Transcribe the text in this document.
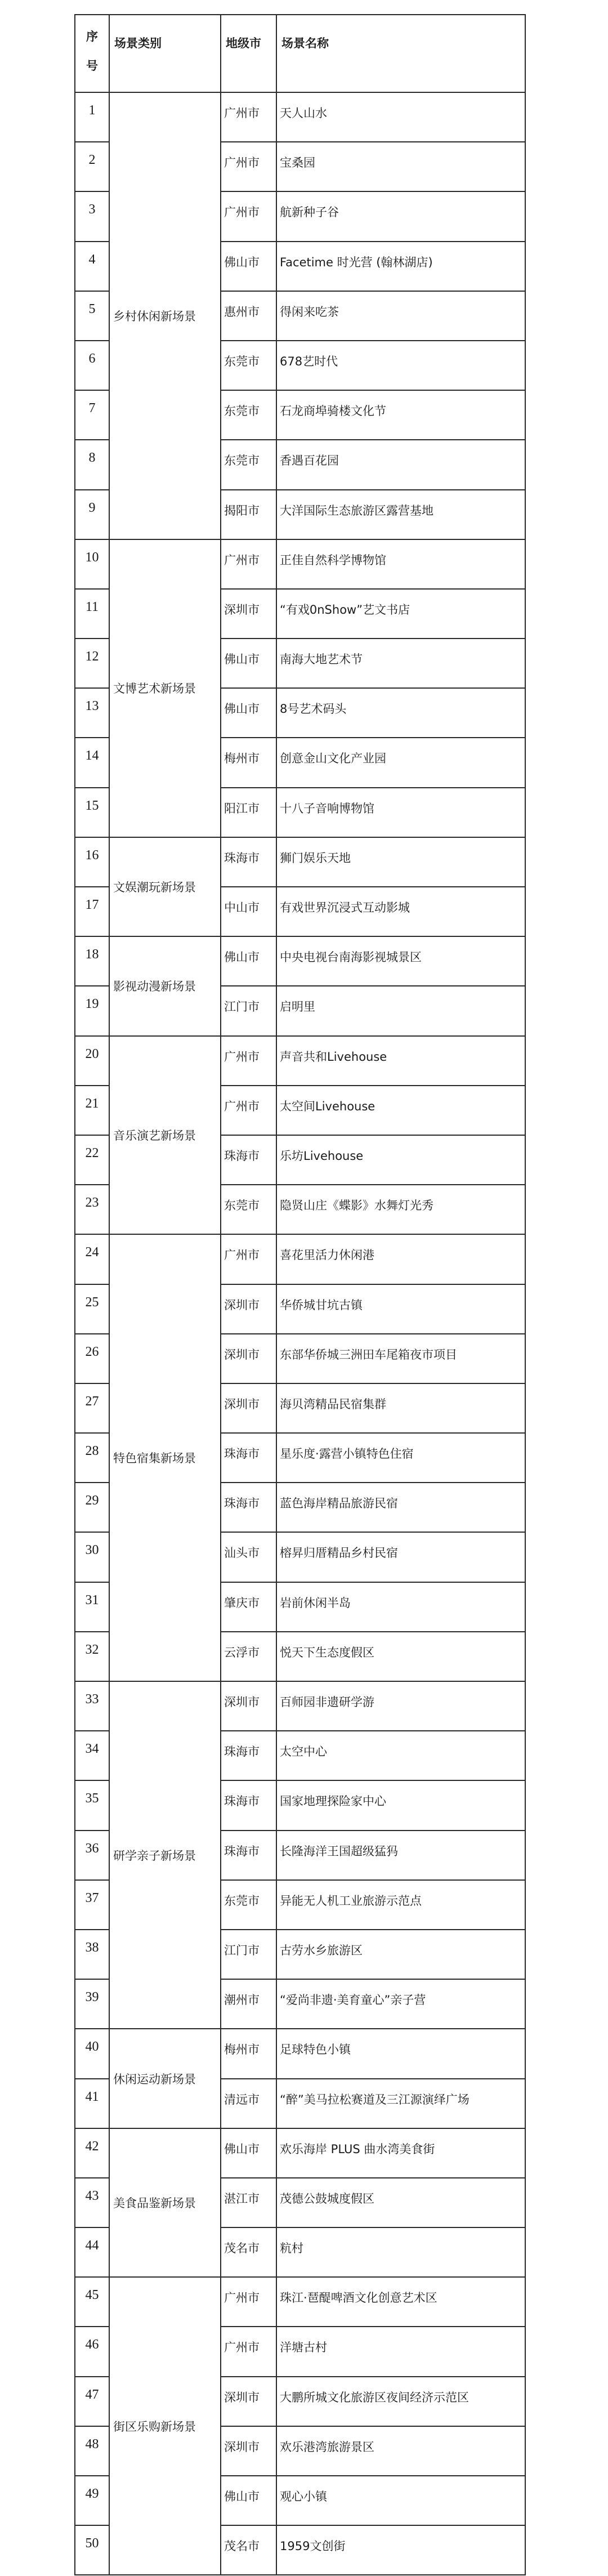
序
号	场景类别	地级市	场景名称
1	乡村休闲新场景	广州市	天人山水
2		广州市	宝桑园
3		广州市	航新种子谷
4		佛山市	Facetime 时光营 (翰林湖店)
5		惠州市	得闲来吃茶
6		东莞市	678艺时代
7		东莞市	石龙商埠骑楼文化节
8		东莞市	香遇百花园
9		揭阳市	大洋国际生态旅游区露营基地
10	文博艺术新场景	广州市	正佳自然科学博物馆
11		深圳市	“有戏0nShow”艺文书店
12		佛山市	南海大地艺术节
13		佛山市	8号艺术码头
14		梅州市	创意金山文化产业园
15		阳江市	十八子音响博物馆
16	文娱潮玩新场景	珠海市	狮门娱乐天地
17		中山市	有戏世界沉浸式互动影城
18	影视动漫新场景	佛山市	中央电视台南海影视城景区
19		江门市	启明里
20	音乐演艺新场景	广州市	声音共和Livehouse
21		广州市	太空间Livehouse
22		珠海市	乐坊Livehouse
23		东莞市	隐贤山庄《蝶影》水舞灯光秀
24	特色宿集新场景	广州市	喜花里活力休闲港
25		深圳市	华侨城甘坑古镇
26		深圳市	东部华侨城三洲田车尾箱夜市项目
27		深圳市	海贝湾精品民宿集群
28		珠海市	星乐度·露营小镇特色住宿
29		珠海市	蓝色海岸精品旅游民宿
30		汕头市	榕昇归厝精品乡村民宿
31		肇庆市	岩前休闲半岛
32		云浮市	悦天下生态度假区
33	研学亲子新场景	深圳市	百师园非遗研学游
34		珠海市	太空中心
35		珠海市	国家地理探险家中心
36		珠海市	长隆海洋王国超级猛犸
37		东莞市	异能无人机工业旅游示范点
38		江门市	古劳水乡旅游区
39		潮州市	“爱尚非遗·美育童心”亲子营
40	休闲运动新场景	梅州市	足球特色小镇
41		清远市	“醉”美马拉松赛道及三江源演绎广场
42	美食品鉴新场景	佛山市	欢乐海岸 PLUS 曲水湾美食街
43		湛江市	茂德公鼓城度假区
44		茂名市	粇村
45	街区乐购新场景	广州市	珠江·琶醍啤酒文化创意艺术区
46		广州市	洋塘古村
47		深圳市	大鹏所城文化旅游区夜间经济示范区
48		深圳市	欢乐港湾旅游景区
49		佛山市	观心小镇
50		茂名市	1959文创街
